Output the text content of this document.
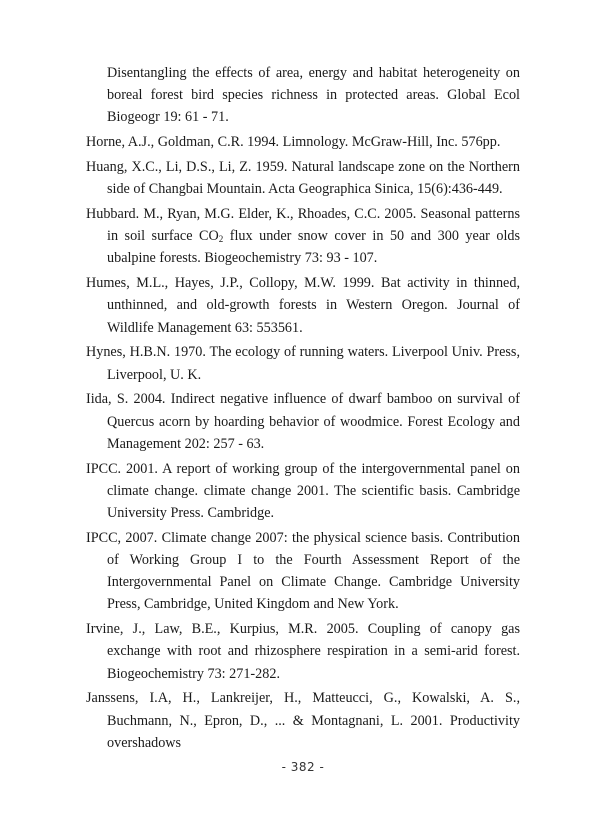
Disentangling the effects of area, energy and habitat heterogeneity on boreal forest bird species richness in protected areas. Global Ecol Biogeogr 19: 61 - 71.

Horne, A.J., Goldman, C.R. 1994. Limnology. McGraw-Hill, Inc. 576pp.

Huang, X.C., Li, D.S., Li, Z. 1959. Natural landscape zone on the Northern side of Changbai Mountain. Acta Geographica Sinica, 15(6):436-449.

Hubbard. M., Ryan, M.G. Elder, K., Rhoades, C.C. 2005. Seasonal patterns in soil surface $CO_2$ flux under snow cover in 50 and 300 year olds ubalpine forests. Biogeochemistry 73: 93 - 107.

Humes, M.L., Hayes, J.P., Collopy, M.W. 1999. Bat activity in thinned, unthinned, and old-growth forests in Western Oregon. Journal of Wildlife Management 63: 553561.

Hynes, H.B.N. 1970. The ecology of running waters. Liverpool Univ. Press, Liverpool, U. K.

Iida, S. 2004. Indirect negative influence of dwarf bamboo on survival of Quercus acorn by hoarding behavior of woodmice. Forest Ecology and Management 202: 257 - 63.

IPCC. 2001. A report of working group of the intergovernmental panel on climate change. climate change 2001. The scientific basis. Cambridge University Press. Cambridge.

IPCC, 2007. Climate change 2007: the physical science basis. Contribution of Working Group I to the Fourth Assessment Report of the Intergovernmental Panel on Climate Change. Cambridge University Press, Cambridge, United Kingdom and New York.

Irvine, J., Law, B.E., Kurpius, M.R. 2005. Coupling of canopy gas exchange with root and rhizosphere respiration in a semi-arid forest. Biogeochemistry 73: 271-282.

Janssens, I.A, H., Lankreijer, H., Matteucci, G., Kowalski, A. S., Buchmann, N., Epron, D., ... & Montagnani, L. 2001. Productivity overshadows

- 382 -
